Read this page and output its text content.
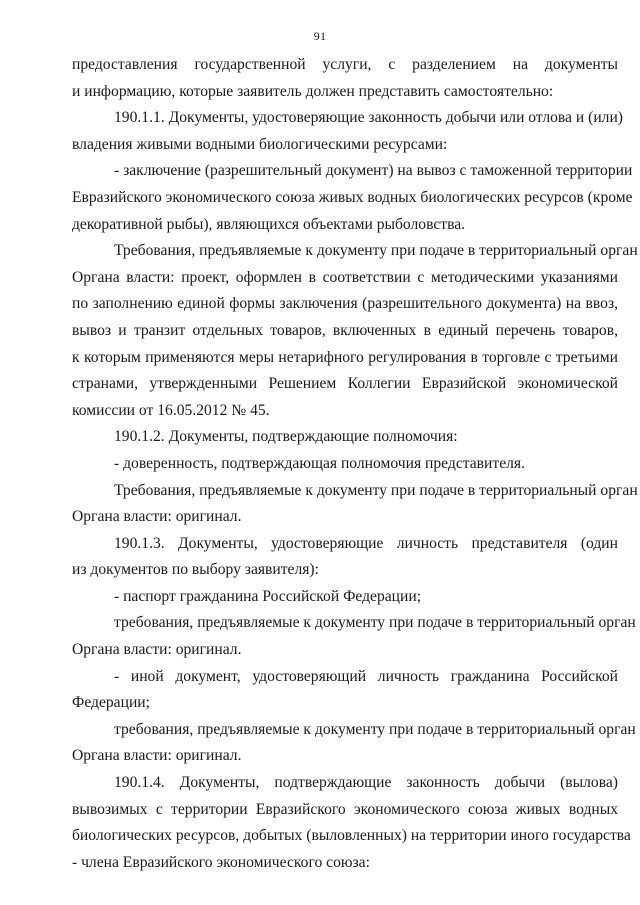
91
предоставления государственной услуги, с разделением на документы
и информацию, которые заявитель должен представить самостоятельно:
190.1.1. Документы, удостоверяющие законность добычи или отлова и (или)
владения живыми водными биологическими ресурсами:
- заключение (разрешительный документ) на вывоз с таможенной территории
Евразийского экономического союза живых водных биологических ресурсов (кроме
декоративной рыбы), являющихся объектами рыболовства.
Требования, предъявляемые к документу при подаче в территориальный орган
Органа власти: проект, оформлен в соответствии с методическими указаниями
по заполнению единой формы заключения (разрешительного документа) на ввоз,
вывоз и транзит отдельных товаров, включенных в единый перечень товаров,
к которым применяются меры нетарифного регулирования в торговле с третьими
странами, утвержденными Решением Коллегии Евразийской экономической
комиссии от 16.05.2012 № 45.
190.1.2. Документы, подтверждающие полномочия:
- доверенность, подтверждающая полномочия представителя.
Требования, предъявляемые к документу при подаче в территориальный орган
Органа власти: оригинал.
190.1.3. Документы, удостоверяющие личность представителя (один
из документов по выбору заявителя):
- паспорт гражданина Российской Федерации;
требования, предъявляемые к документу при подаче в территориальный орган
Органа власти: оригинал.
- иной документ, удостоверяющий личность гражданина Российской
Федерации;
требования, предъявляемые к документу при подаче в территориальный орган
Органа власти: оригинал.
190.1.4. Документы, подтверждающие законность добычи (вылова)
вывозимых с территории Евразийского экономического союза живых водных
биологических ресурсов, добытых (выловленных) на территории иного государства
- члена Евразийского экономического союза:
